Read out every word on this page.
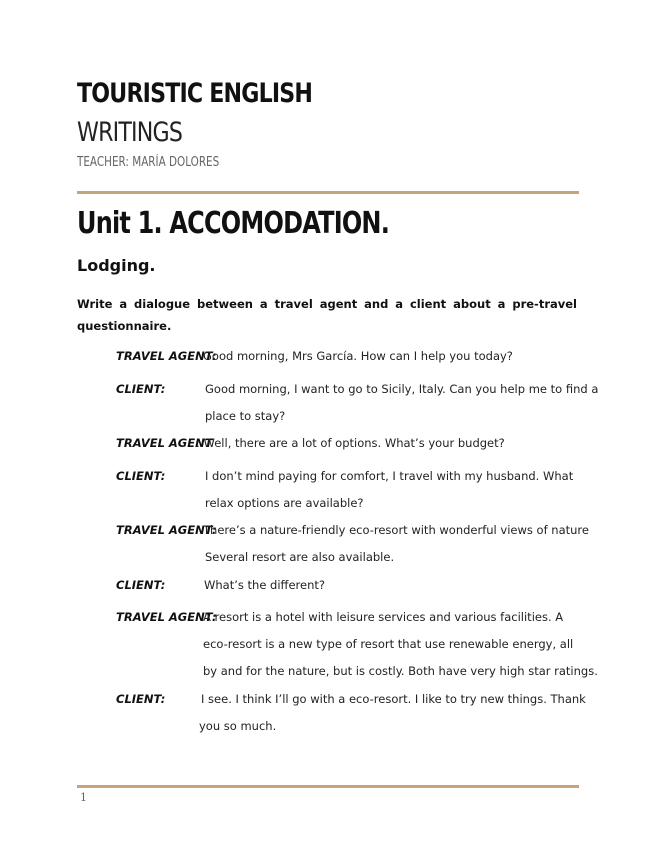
TOURISTIC ENGLISH
WRITINGS
TEACHER: MARÍA DOLORES
Unit 1. ACCOMODATION.
Lodging.
Write a dialogue between a travel agent and a client about a pre-travel questionnaire.
TRAVEL AGENT:
Good morning, Mrs García. How can I help you today?
CLIENT:	Good morning, I want to go to Sicily, Italy. Can you help me to find a
place to stay?
TRAVEL AGENT
: Well, there are a lot of options. What’s your budget?
CLIENT:	I don’t mind paying for comfort, I travel with my husband. What
relax options are available?
TRAVEL AGENT:
There’s a nature-friendly eco-resort with wonderful views of nature
Several resort are also available.
CLIENT:	What’s the different?
TRAVEL AGENT:
A resort is a hotel with leisure services and various facilities. A
eco-resort is a new type of resort that use renewable energy, all
by and for the nature, but is costly. Both have very high star ratings.
CLIENT:	I see. I think I’ll go with a eco-resort. I like to try new things. Thank
you so much.
1
